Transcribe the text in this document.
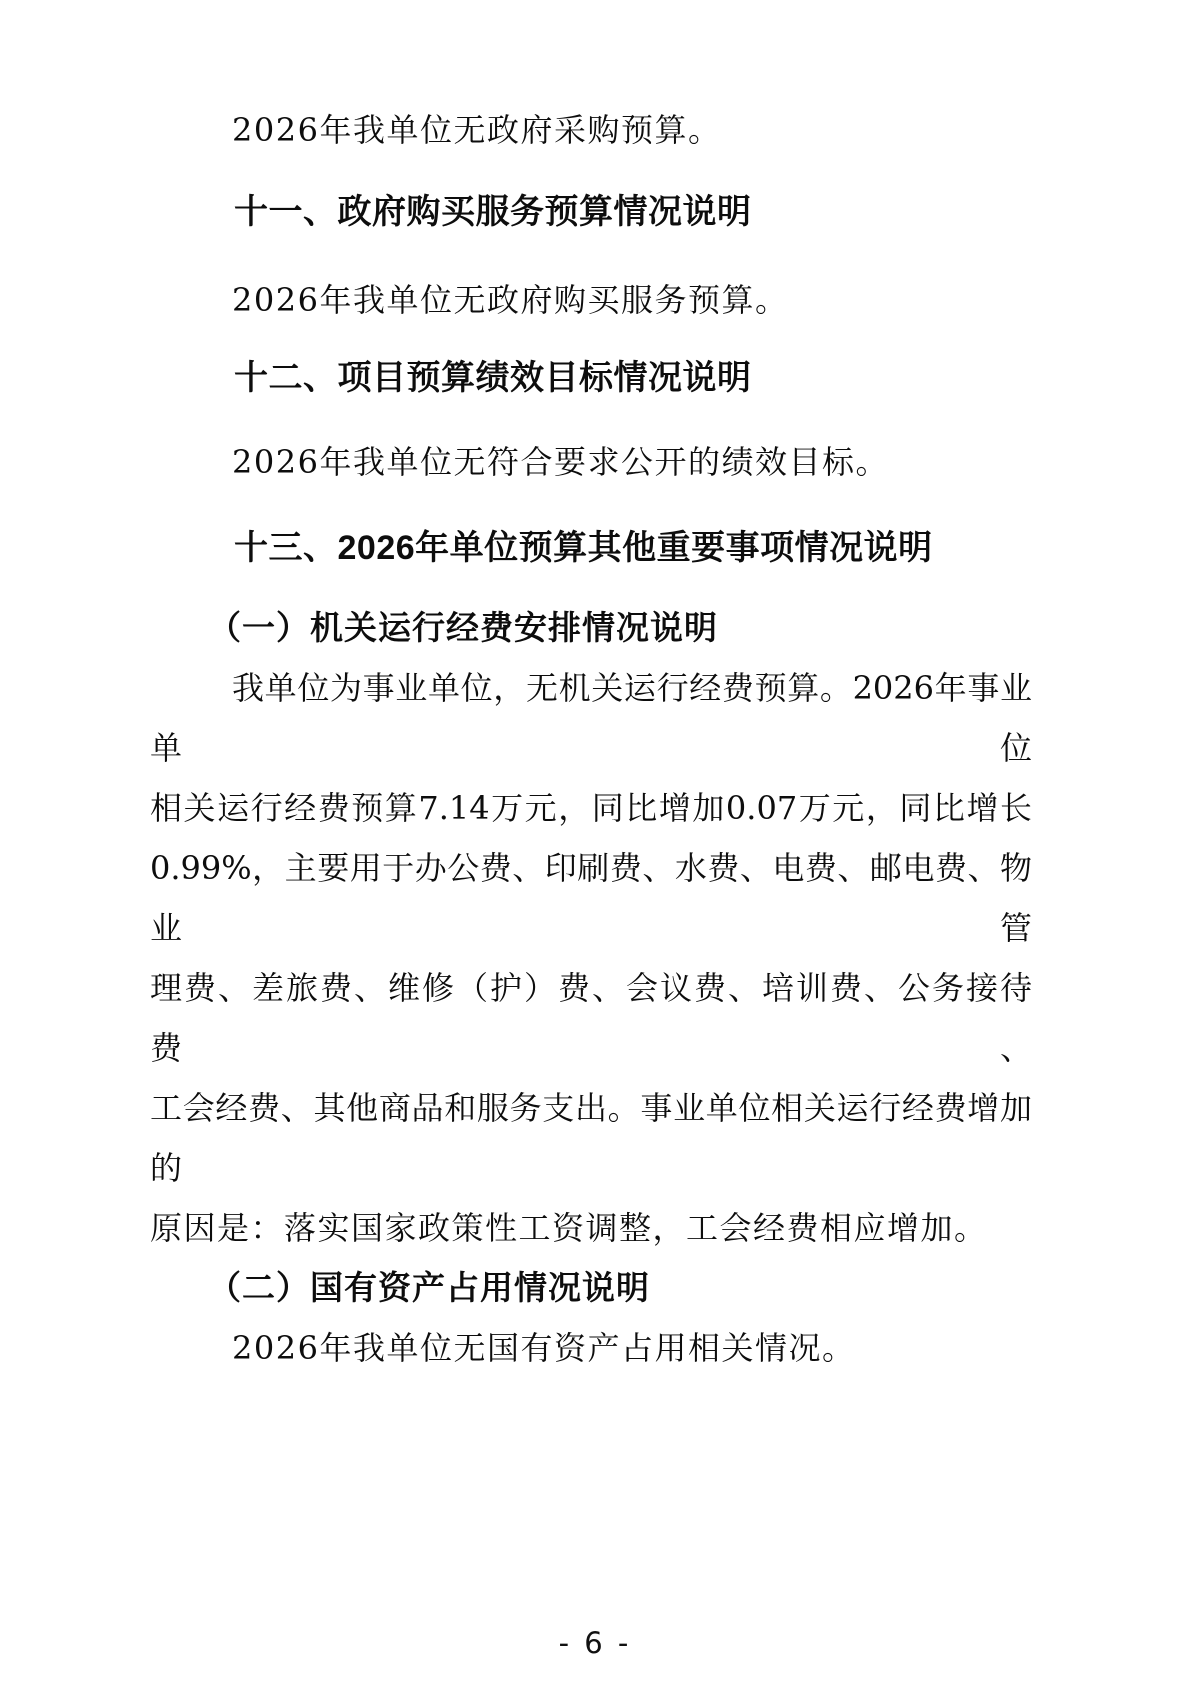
2026年我单位无政府采购预算。
十一、政府购买服务预算情况说明
2026年我单位无政府购买服务预算。
十二、项目预算绩效目标情况说明
2026年我单位无符合要求公开的绩效目标。
十三、2026年单位预算其他重要事项情况说明
（一）机关运行经费安排情况说明
我单位为事业单位，无机关运行经费预算。2026年事业单位
相关运行经费预算7.14万元，同比增加0.07万元，同比增长
0.99%，主要用于办公费、印刷费、水费、电费、邮电费、物业管
理费、差旅费、维修（护）费、会议费、培训费、公务接待费、
工会经费、其他商品和服务支出。事业单位相关运行经费增加的
原因是：落实国家政策性工资调整，工会经费相应增加。
（二）国有资产占用情况说明
2026年我单位无国有资产占用相关情况。
- 6 -
